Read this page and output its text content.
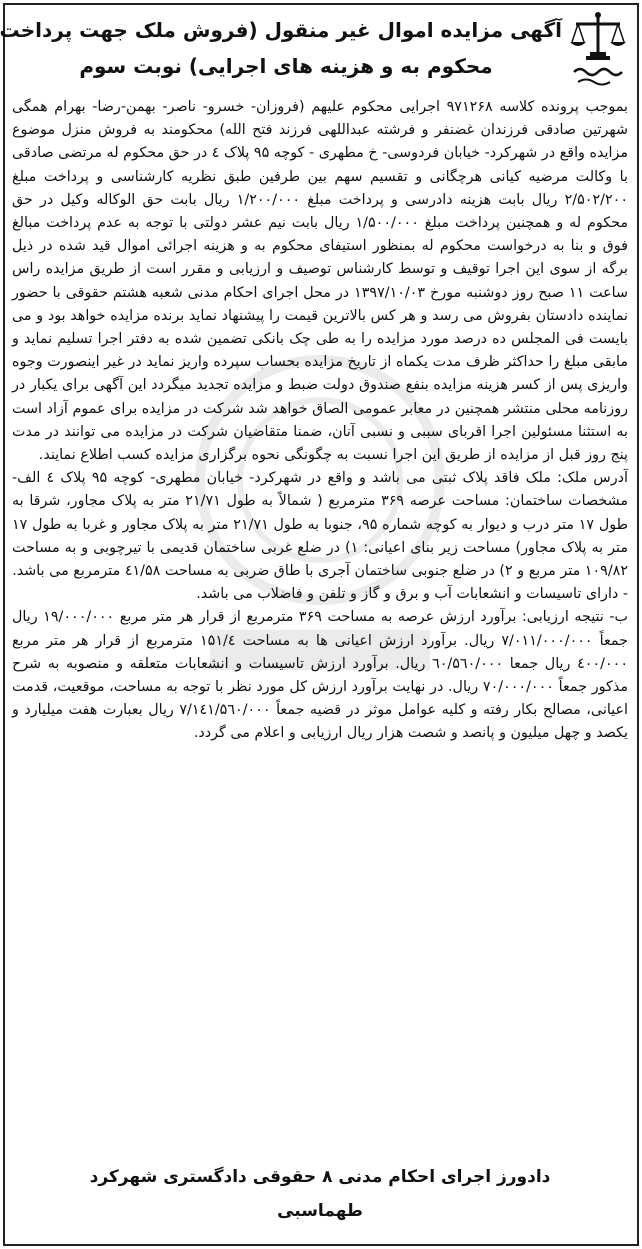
آگهی مزایده اموال غیر منقول (فروش ملک جهت پرداخت
محکوم به و هزینه های اجرایی) نوبت سوم

بموجب پرونده کلاسه ۹۷۱۲۶۸ اجرایی محکوم علیهم (فروزان- خسرو- ناصر- بهمن-رضا- بهرام همگی شهرتین صادقی فرزندان غضنفر و فرشته عبداللهی فرزند فتح الله) محکومند به فروش منزل موضوع مزایده واقع در شهرکرد- خیابان فردوسی- خ مطهری - کوچه ۹۵ پلاک ٤ در حق محکوم له مرتضی صادقی با وکالت مرضیه کیانی هرچگانی و تقسیم سهم بین طرفین طبق نظریه کارشناسی و پرداخت مبلغ ۲/۵۰۲/۲۰۰ ریال بابت هزینه دادرسی و پرداخت مبلغ ۱/۲۰۰/۰۰۰ ریال بابت حق الوکاله وکیل در حق محکوم له و همچنین پرداخت مبلغ ۱/۵۰۰/۰۰۰ ریال بابت نیم عشر دولتی با توجه به عدم پرداخت مبالغ فوق و بنا به درخواست محکوم له بمنظور استیفای محکوم به و هزینه اجرائی اموال قید شده در ذیل برگه از سوی این اجرا توقیف و توسط کارشناس توصیف و ارزیابی و مقرر است از طریق مزایده راس ساعت ۱۱ صبح روز دوشنبه مورخ ۱۳۹۷/۱۰/۰۳ در محل اجرای احکام مدنی شعبه هشتم حقوقی با حضور نماینده دادستان بفروش می رسد و هر کس بالاترین قیمت را پیشنهاد نماید برنده مزایده خواهد بود و می بایست فی المجلس ده درصد مورد مزایده را به طی چک بانکی تضمین شده به دفتر اجرا تسلیم نماید و مابقی مبلغ را حداکثر ظرف مدت یکماه از تاریخ مزایده بحساب سپرده واریز نماید در غیر اینصورت وجوه واریزی پس از کسر هزینه مزایده بنفع صندوق دولت ضبط و مزایده تجدید میگردد این آگهی برای یکبار در روزنامه محلی منتشر همچنین در معابر عمومی الصاق خواهد شد شرکت در مزایده برای عموم آزاد است به استثنا مسئولین اجرا اقربای سببی و نسبی آنان، ضمنا متقاضیان شرکت در مزایده می توانند در مدت پنج روز قبل از مزایده از طریق این اجرا نسبت به چگونگی نحوه برگزاری مزایده کسب اطلاع نمایند.

آدرس ملک: ملک فاقد پلاک ثبتی می باشد و واقع در شهرکرد- خیابان مطهری- کوچه ۹۵ پلاک ٤ الف- مشخصات ساختمان: مساحت عرصه ۳۶۹ مترمربع ( شمالاً به طول ۲۱/۷۱ متر به پلاک مجاور، شرقا به طول ۱۷ متر درب و دیوار به کوچه شماره ۹۵، جنوبا به طول ۲۱/۷۱ متر به پلاک مجاور و غربا به طول ۱۷ متر به پلاک مجاور) مساحت زیر بنای اعیانی: ۱) در ضلع غربی ساختمان قدیمی با تیرچوبی و به مساحت ۱۰۹/۸۲ متر مربع و ۲) در ضلع جنوبی ساختمان آجری با طاق ضربی به مساحت ٤۱/۵۸ مترمربع می باشد.

- دارای تاسیسات و انشعابات آب و برق و گاز و تلفن و فاضلاب می باشد.

ب- نتیجه ارزیابی: برآورد ارزش عرصه به مساحت ۳۶۹ مترمربع از قرار هر متر مربع ۱۹/۰۰۰/۰۰۰ ریال جمعاً ۷/۰۱۱/۰۰۰/۰۰۰ ریال. برآورد ارزش اعیانی ها به مساحت ۱۵۱/٤ مترمربع از قرار هر متر مربع ٤۰۰/۰۰۰ ریال جمعا ٦۰/۵٦۰/۰۰۰ ریال. برآورد ارزش تاسیسات و انشعابات متعلقه و منصوبه به شرح مذکور جمعاً ۷۰/۰۰۰/۰۰۰ ریال. در نهایت برآورد ارزش کل مورد نظر با توجه به مساحت، موقعیت، قدمت اعیانی، مصالح بکار رفته و کلیه عوامل موثر در قضیه جمعاً ۷/۱٤۱/۵٦۰/۰۰۰ ریال بعبارت هفت میلیارد و یکصد و چهل میلیون و پانصد و شصت هزار ریال ارزیابی و اعلام می گردد.

دادورز اجرای احکام مدنی ۸ حقوقی دادگستری شهرکرد
طهماسبی
